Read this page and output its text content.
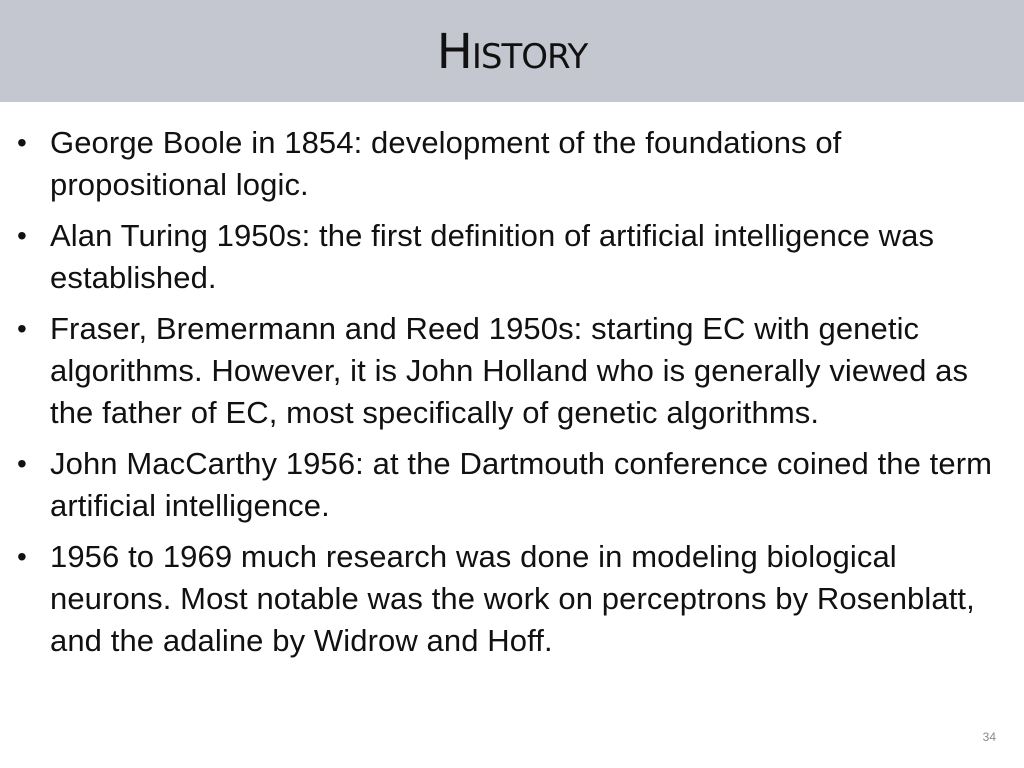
History
• George Boole in 1854: development of the foundations of propositional logic.
• Alan Turing 1950s: the first definition of artificial intelligence was established.
• Fraser, Bremermann and Reed 1950s: starting EC with genetic algorithms. However, it is John Holland who is generally viewed as the father of EC, most specifically of genetic algorithms.
• John MacCarthy 1956: at the Dartmouth conference coined the term artificial intelligence.
• 1956 to 1969 much research was done in modeling biological neurons. Most notable was the work on perceptrons by Rosenblatt, and the adaline by Widrow and Hoff.
34
